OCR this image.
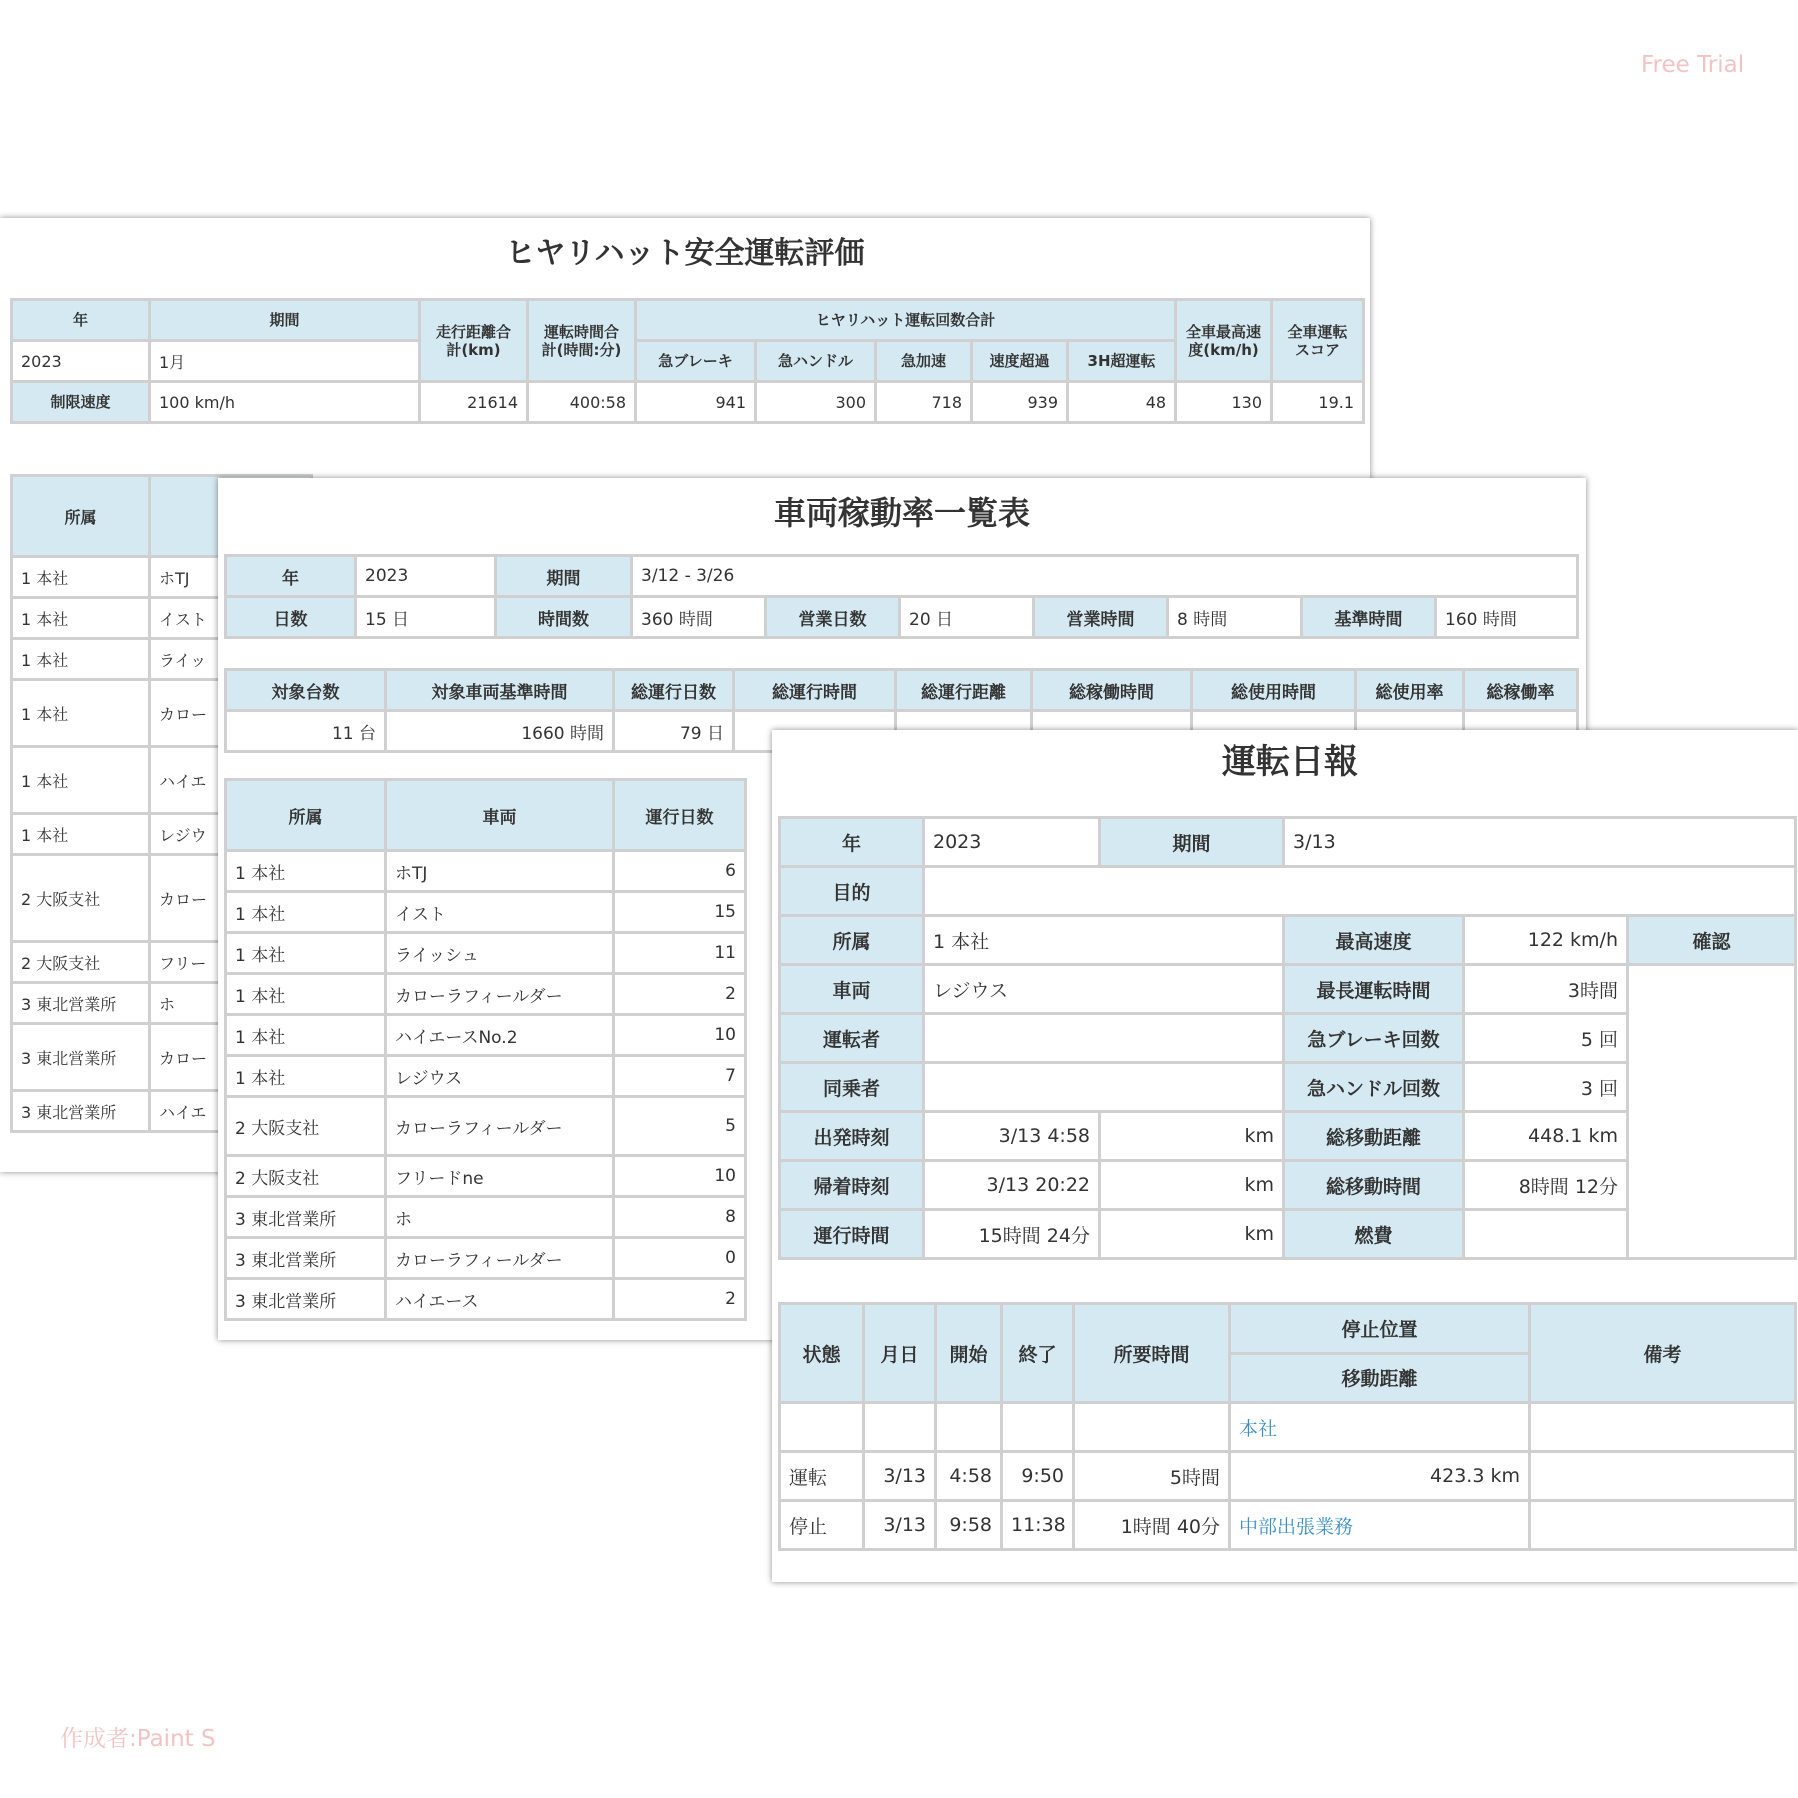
Free Trial
作成者:Paint S
ヒヤリハット安全運転評価
年	期間	走行距離合計(km)	運転時間合計(時間:分)	ヒヤリハット運転回数合計					全車最高速度(km/h)	全車運転スコア
2023	1月			急ブレーキ	急ハンドル	急加速	速度超過	3H超運転		
制限速度	100 km/h	21614	400:58	941	300	718	939	48	130	19.1
所属	
1 本社	ホTJ
1 本社	イスト
1 本社	ライッ
1 本社	カロー
1 本社	ハイエ
1 本社	レジウ
2 大阪支社	カロー
2 大阪支社	フリー
3 東北営業所	ホ
3 東北営業所	カロー
3 東北営業所	ハイエ
車両稼動率一覧表
年	2023	期間	3/12 - 3/26						
日数	15 日	時間数	360 時間	営業日数	20 日	営業時間	8 時間	基準時間	160 時間
対象台数	対象車両基準時間	総運行日数	総運行時間	総運行距離	総稼働時間	総使用時間	総使用率	総稼働率
11 台	1660 時間	79 日						
所属	車両	運行日数
1 本社	ホTJ	6
1 本社	イスト	15
1 本社	ライッシュ	11
1 本社	カローラフィールダー	2
1 本社	ハイエースNo.2	10
1 本社	レジウス	7
2 大阪支社	カローラフィールダー	5
2 大阪支社	フリードne	10
3 東北営業所	ホ	8
3 東北営業所	カローラフィールダー	0
3 東北営業所	ハイエース	2
運転日報
年	2023	期間	3/13		
目的					
所属	1 本社		最高速度	122 km/h	確認
車両	レジウス		最長運転時間	3時間	
運転者			急ブレーキ回数	5 回	
同乗者			急ハンドル回数	3 回	
出発時刻	3/13 4:58	km	総移動距離	448.1 km	
帰着時刻	3/13 20:22	km	総移動時間	8時間 12分	
運行時間	15時間 24分	km	燃費		
状態	月日	開始	終了	所要時間	停止位置	備考
					移動距離	
					本社	
運転	3/13	4:58	9:50	5時間	423.3 km	
停止	3/13	9:58	11:38	1時間 40分	中部出張業務	
